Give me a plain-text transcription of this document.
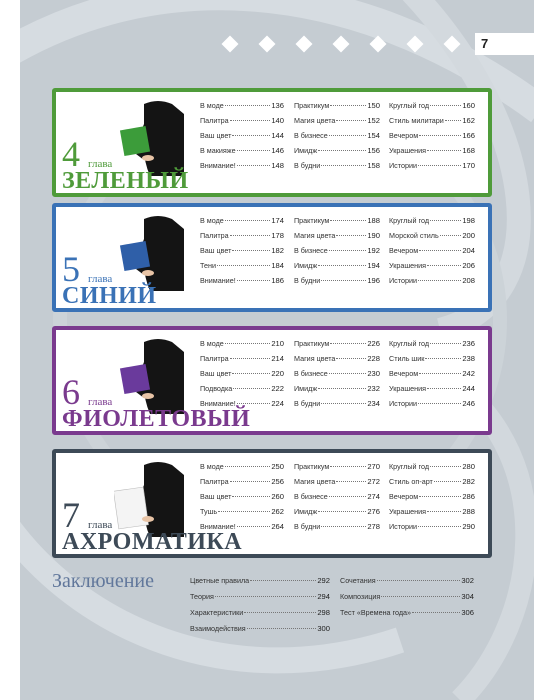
7
4 глава
ЗЕЛЕНЫЙ
В моде	136
Палитра	140
Ваш цвет	144
В макияже	146
Внимание!	148
Практикум	150
Магия цвета	152
В бизнесе	154
Имидж	156
В будни	158
Круглый год	160
Стиль милитари 162
Вечером	166
Украшения	168
Истории	170
5 глава
СИНИЙ
В моде	174
Палитра	178
Ваш цвет	182
Тени	184
Внимание!	186
Практикум	188
Магия цвета	190
В бизнесе	192
Имидж	194
В будни	196
Круглый год	198
Морской стиль	200
Вечером	204
Украшения	206
Истории	208
6 глава
ФИОЛЕТОВЫЙ
В моде	210
Палитра	214
Ваш цвет	220
Подводка	222
Внимание!	224
Практикум	226
Магия цвета	228
В бизнесе	230
Имидж	232
В будни	234
Круглый год	236
Стиль шик	238
Вечером	242
Украшения	244
Истории	246
7 глава
АХРОМАТИКА
В моде	250
Палитра	256
Ваш цвет	260
Тушь	262
Внимание!	264
Практикум	270
Магия цвета	272
В бизнесе	274
Имидж	276
В будни	278
Круглый год	280
Стиль оп-арт	282
Вечером	286
Украшения	288
Истории	290
Заключение	Цветные правила	292
Теория	294
Характеристики	298
Взаимодействия	300
Сочетания	302
Композиция	304
Тест «Времена года»	306
